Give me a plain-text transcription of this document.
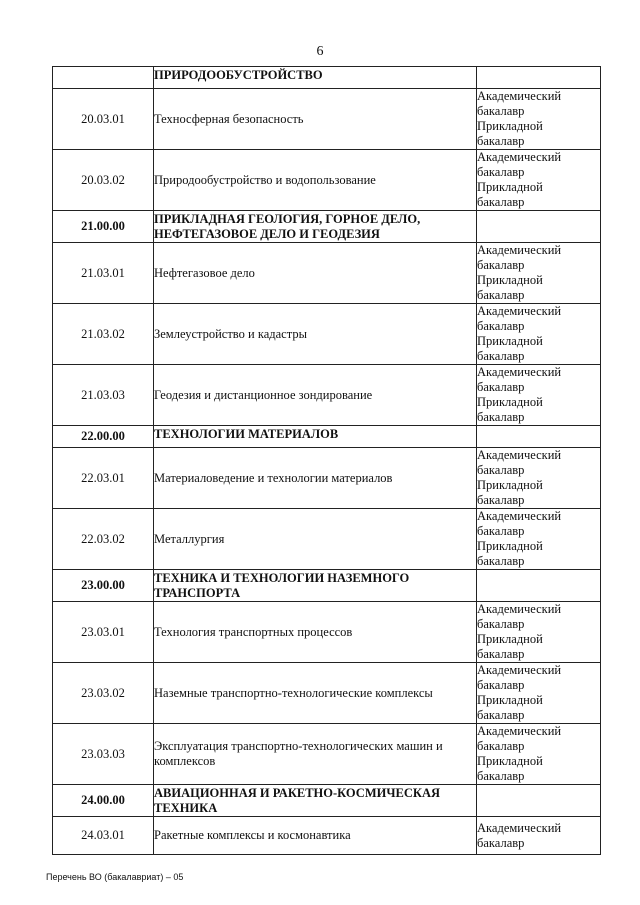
6
	ПРИРОДООБУСТРОЙСТВО	
20.03.01	Техносферная безопасность	Академический
бакалавр
Прикладной
бакалавр

20.03.02	Природообустройство и водопользование	Академический
бакалавр
Прикладной
бакалавр

21.00.00	ПРИКЛАДНАЯ ГЕОЛОГИЯ, ГОРНОЕ ДЕЛО, НЕФТЕГАЗОВОЕ ДЕЛО И ГЕОДЕЗИЯ	
21.03.01	Нефтегазовое дело	Академический
бакалавр
Прикладной
бакалавр

21.03.02	Землеустройство и кадастры	Академический
бакалавр
Прикладной
бакалавр

21.03.03	Геодезия и дистанционное зондирование	Академический
бакалавр
Прикладной
бакалавр

22.00.00	ТЕХНОЛОГИИ МАТЕРИАЛОВ	
22.03.01	Материаловедение и технологии материалов	Академический
бакалавр
Прикладной
бакалавр

22.03.02	Металлургия	Академический
бакалавр
Прикладной
бакалавр

23.00.00	ТЕХНИКА И ТЕХНОЛОГИИ НАЗЕМНОГО ТРАНСПОРТА	
23.03.01	Технология транспортных процессов	Академический
бакалавр
Прикладной
бакалавр

23.03.02	Наземные транспортно-технологические комплексы	Академический
бакалавр
Прикладной
бакалавр

23.03.03	Эксплуатация транспортно-технологических машин и комплексов	Академический
бакалавр
Прикладной
бакалавр

24.00.00	АВИАЦИОННАЯ И РАКЕТНО-КОСМИЧЕСКАЯ ТЕХНИКА	
24.03.01	Ракетные комплексы и космонавтика	Академический
бакалавр
Перечень ВО (бакалавриат) – 05
